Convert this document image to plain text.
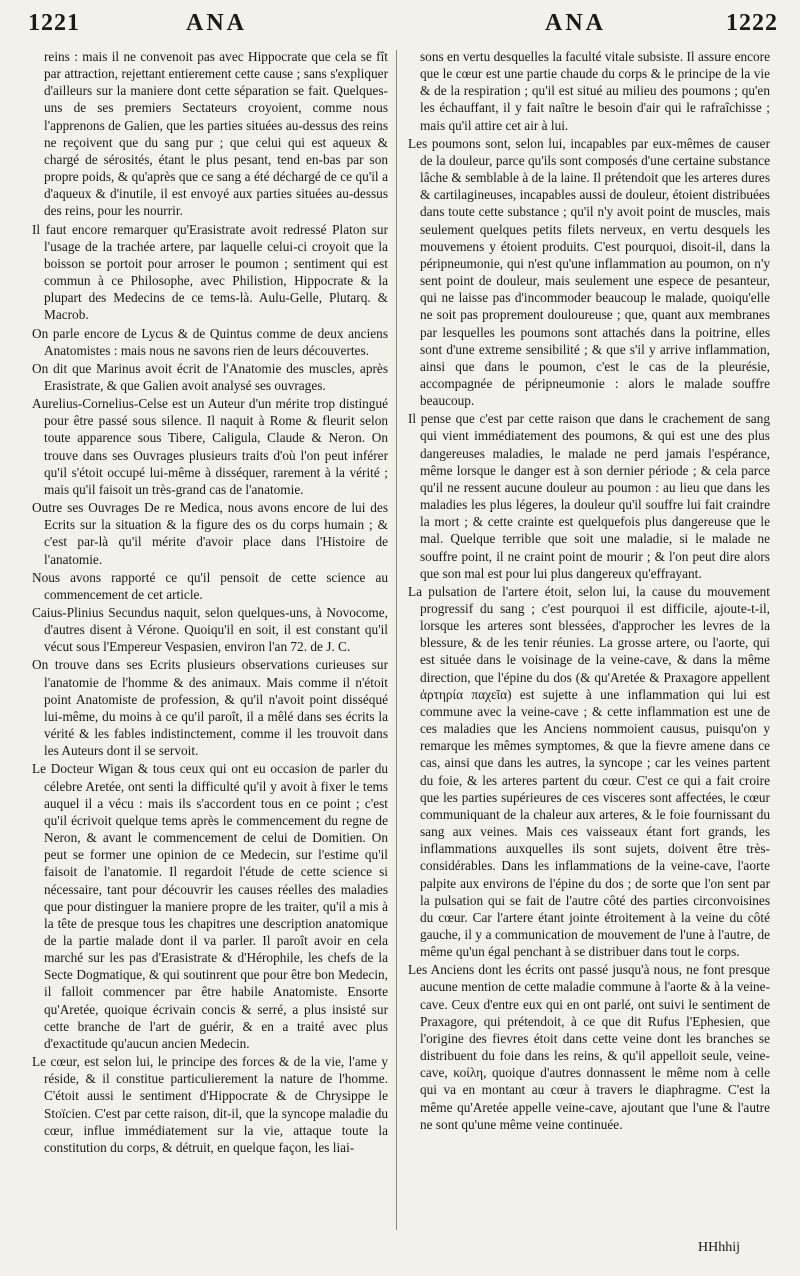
1221	ANA	ANA	1222

reins : mais il ne convenoit pas avec Hippocrate que cela se fît par attraction, rejettant entierement cette cause ; sans s'expliquer d'ailleurs sur la maniere dont cette séparation se fait. Quelques-uns de ses premiers Sectateurs croyoient, comme nous l'apprenons de Galien, que les parties situées au-dessus des reins ne reçoivent que du sang pur ; que celui qui est aqueux & chargé de sérosités, étant le plus pesant, tend en-bas par son propre poids, & qu'après que ce sang a été déchargé de ce qu'il a d'aqueux & d'inutile, il est envoyé aux parties situées au-dessus des reins, pour les nourrir.

Il faut encore remarquer qu'Erasistrate avoit redressé Platon sur l'usage de la trachée artere, par laquelle celui-ci croyoit que la boisson se portoit pour arroser le poumon ; sentiment qui est commun à ce Philosophe, avec Philistion, Hippocrate & la plupart des Medecins de ce tems-là. Aulu-Gelle, Plutarq. & Macrob.

On parle encore de Lycus & de Quintus comme de deux anciens Anatomistes : mais nous ne savons rien de leurs découvertes.

On dit que Marinus avoit écrit de l'Anatomie des muscles, après Erasistrate, & que Galien avoit analysé ses ouvrages.

Aurelius-Cornelius-Celse est un Auteur d'un mérite trop distingué pour être passé sous silence. Il naquit à Rome & fleurit selon toute apparence sous Tibere, Caligula, Claude & Neron. On trouve dans ses Ouvrages plusieurs traits d'où l'on peut inférer qu'il s'étoit occupé lui-même à disséquer, rarement à la vérité ; mais qu'il faisoit un très-grand cas de l'anatomie.

Outre ses Ouvrages De re Medica, nous avons encore de lui des Ecrits sur la situation & la figure des os du corps humain ; & c'est par-là qu'il mérite d'avoir place dans l'Histoire de l'anatomie.

Nous avons rapporté ce qu'il pensoit de cette science au commencement de cet article.

Caius-Plinius Secundus naquit, selon quelques-uns, à Novocome, d'autres disent à Vérone. Quoiqu'il en soit, il est constant qu'il vécut sous l'Empereur Vespasien, environ l'an 72. de J. C.

On trouve dans ses Ecrits plusieurs observations curieuses sur l'anatomie de l'homme & des animaux. Mais comme il n'étoit point Anatomiste de profession, & qu'il n'avoit point disséqué lui-même, du moins à ce qu'il paroît, il a mêlé dans ses écrits la vérité & les fables indistinctement, comme il les trouvoit dans les Auteurs dont il se servoit.

Le Docteur Wigan & tous ceux qui ont eu occasion de parler du célebre Aretée, ont senti la difficulté qu'il y avoit à fixer le tems auquel il a vécu : mais ils s'accordent tous en ce point ; c'est qu'il écrivoit quelque tems après le commencement du regne de Neron, & avant le commencement de celui de Domitien. On peut se former une opinion de ce Medecin, sur l'estime qu'il faisoit de l'anatomie. Il regardoit l'étude de cette science si nécessaire, tant pour découvrir les causes réelles des maladies que pour distinguer la maniere propre de les traiter, qu'il a mis à la tête de presque tous les chapitres une description anatomique de la partie malade dont il va parler. Il paroît avoir en cela marché sur les pas d'Erasistrate & d'Hérophile, les chefs de la Secte Dogmatique, & qui soutinrent que pour être bon Medecin, il falloit commencer par être habile Anatomiste. Ensorte qu'Aretée, quoique écrivain concis & serré, a plus insisté sur cette branche de l'art de guérir, & en a traité avec plus d'exactitude qu'aucun ancien Medecin.

Le cœur, est selon lui, le principe des forces & de la vie, l'ame y réside, & il constitue particulierement la nature de l'homme. C'étoit aussi le sentiment d'Hippocrate & de Chrysippe le Stoïcien. C'est par cette raison, dit-il, que la syncope maladie du cœur, influe immédiatement sur la vie, attaque toute la constitution du corps, & détruit, en quelque façon, les liai-

sons en vertu desquelles la faculté vitale subsiste. Il assure encore que le cœur est une partie chaude du corps & le principe de la vie & de la respiration ; qu'il est situé au milieu des poumons ; qu'en les échauffant, il y fait naître le besoin d'air qui le rafraîchisse ; mais qu'il attire cet air à lui.

Les poumons sont, selon lui, incapables par eux-mêmes de causer de la douleur, parce qu'ils sont composés d'une certaine substance lâche & semblable à de la laine. Il prétendoit que les arteres dures & cartilagineuses, incapables aussi de douleur, étoient distribuées dans toute cette substance ; qu'il n'y avoit point de muscles, mais seulement quelques petits filets nerveux, en vertu desquels les mouvemens y étoient produits. C'est pourquoi, disoit-il, dans la péripneumonie, qui n'est qu'une inflammation au poumon, on n'y sent point de douleur, mais seulement une espece de pesanteur, qui ne laisse pas d'incommoder beaucoup le malade, quoiqu'elle ne soit pas proprement douloureuse ; que, quant aux membranes par lesquelles les poumons sont attachés dans la poitrine, elles sont d'une extreme sensibilité ; & que s'il y arrive inflammation, ainsi que dans le poumon, c'est le cas de la pleurésie, accompagnée de péripneumonie : alors le malade souffre beaucoup.

Il pense que c'est par cette raison que dans le crachement de sang qui vient immédiatement des poumons, & qui est une des plus dangereuses maladies, le malade ne perd jamais l'espérance, même lorsque le danger est à son dernier période ; & cela parce qu'il ne ressent aucune douleur au poumon : au lieu que dans les maladies les plus légeres, la douleur qu'il souffre lui fait craindre la mort ; & cette crainte est quelquefois plus dangereuse que le mal. Quelque terrible que soit une maladie, si le malade ne souffre point, il ne craint point de mourir ; & l'on peut dire alors que son mal est pour lui plus dangereux qu'effrayant.

La pulsation de l'artere étoit, selon lui, la cause du mouvement progressif du sang ; c'est pourquoi il est difficile, ajoute-t-il, lorsque les arteres sont blessées, d'approcher les levres de la blessure, & de les tenir réunies. La grosse artere, ou l'aorte, qui est située dans le voisinage de la veine-cave, & dans la même direction, que l'épine du dos (& qu'Aretée & Praxagore appellent ἀρτηρία παχεῖα) est sujette à une inflammation qui lui est commune avec la veine-cave ; & cette inflammation est une de ces maladies que les Anciens nommoient causus, puisqu'on y remarque les mêmes symptomes, & que la fievre amene dans ce cas, ainsi que dans les autres, la syncope ; car les veines partent du foie, & les arteres partent du cœur. C'est ce qui a fait croire que les parties supérieures de ces visceres sont affectées, le cœur communiquant de la chaleur aux arteres, & le foie fournissant du sang aux veines. Mais ces vaisseaux étant fort grands, les inflammations auxquelles ils sont sujets, doivent être très-considérables. Dans les inflammations de la veine-cave, l'aorte palpite aux environs de l'épine du dos ; de sorte que l'on sent par la pulsation qui se fait de l'autre côté des parties circonvoisines du cœur. Car l'artere étant jointe étroitement à la veine du côté gauche, il y a communication de mouvement de l'une à l'autre, de même qu'un égal penchant à se distribuer dans tout le corps.

Les Anciens dont les écrits ont passé jusqu'à nous, ne font presque aucune mention de cette maladie commune à l'aorte & à la veine-cave. Ceux d'entre eux qui en ont parlé, ont suivi le sentiment de Praxagore, qui prétendoit, à ce que dit Rufus l'Ephesien, que l'origine des fievres étoit dans cette veine dont les branches se distribuent du foie dans les reins, & qu'il appelloit seule, veine-cave, κοίλη, quoique d'autres donnassent le même nom à celle qui va en montant au cœur à travers le diaphragme. C'est la même qu'Aretée appelle veine-cave, ajoutant que l'une & l'autre ne sont qu'une même veine continuée.

HHhhij
